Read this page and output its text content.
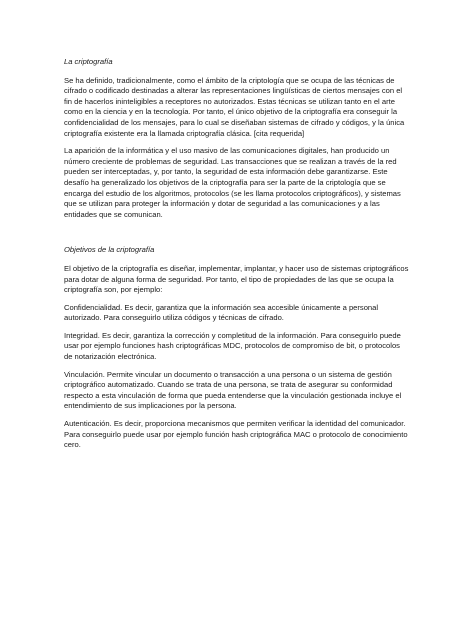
La criptografía

Se ha definido, tradicionalmente, como el ámbito de la criptología que se ocupa de las técnicas de cifrado o codificado destinadas a alterar las representaciones lingüísticas de ciertos mensajes con el fin de hacerlos ininteligibles a receptores no autorizados. Estas técnicas se utilizan tanto en el arte como en la ciencia y en la tecnología. Por tanto, el único objetivo de la criptografía era conseguir la confidencialidad de los mensajes, para lo cual se diseñaban sistemas de cifrado y códigos, y la única criptografía existente era la llamada criptografía clásica. [cita requerida]

La aparición de la informática y el uso masivo de las comunicaciones digitales, han producido un número creciente de problemas de seguridad. Las transacciones que se realizan a través de la red pueden ser interceptadas, y, por tanto, la seguridad de esta información debe garantizarse. Este desafío ha generalizado los objetivos de la criptografía para ser la parte de la criptología que se encarga del estudio de los algoritmos, protocolos (se les llama protocolos criptográficos), y sistemas que se utilizan para proteger la información y dotar de seguridad a las comunicaciones y a las entidades que se comunican.

Objetivos de la criptografía

El objetivo de la criptografía es diseñar, implementar, implantar, y hacer uso de sistemas criptográficos para dotar de alguna forma de seguridad. Por tanto, el tipo de propiedades de las que se ocupa la criptografía son, por ejemplo:

Confidencialidad. Es decir, garantiza que la información sea accesible únicamente a personal autorizado. Para conseguirlo utiliza códigos y técnicas de cifrado.

Integridad. Es decir, garantiza la corrección y completitud de la información. Para conseguirlo puede usar por ejemplo funciones hash criptográficas MDC, protocolos de compromiso de bit, o protocolos de notarización electrónica.

Vinculación. Permite vincular un documento o transacción a una persona o un sistema de gestión criptográfico automatizado. Cuando se trata de una persona, se trata de asegurar su conformidad respecto a esta vinculación de forma que pueda entenderse que la vinculación gestionada incluye el entendimiento de sus implicaciones por la persona.

Autenticación. Es decir, proporciona mecanismos que permiten verificar la identidad del comunicador. Para conseguirlo puede usar por ejemplo función hash criptográfica MAC o protocolo de conocimiento cero.
